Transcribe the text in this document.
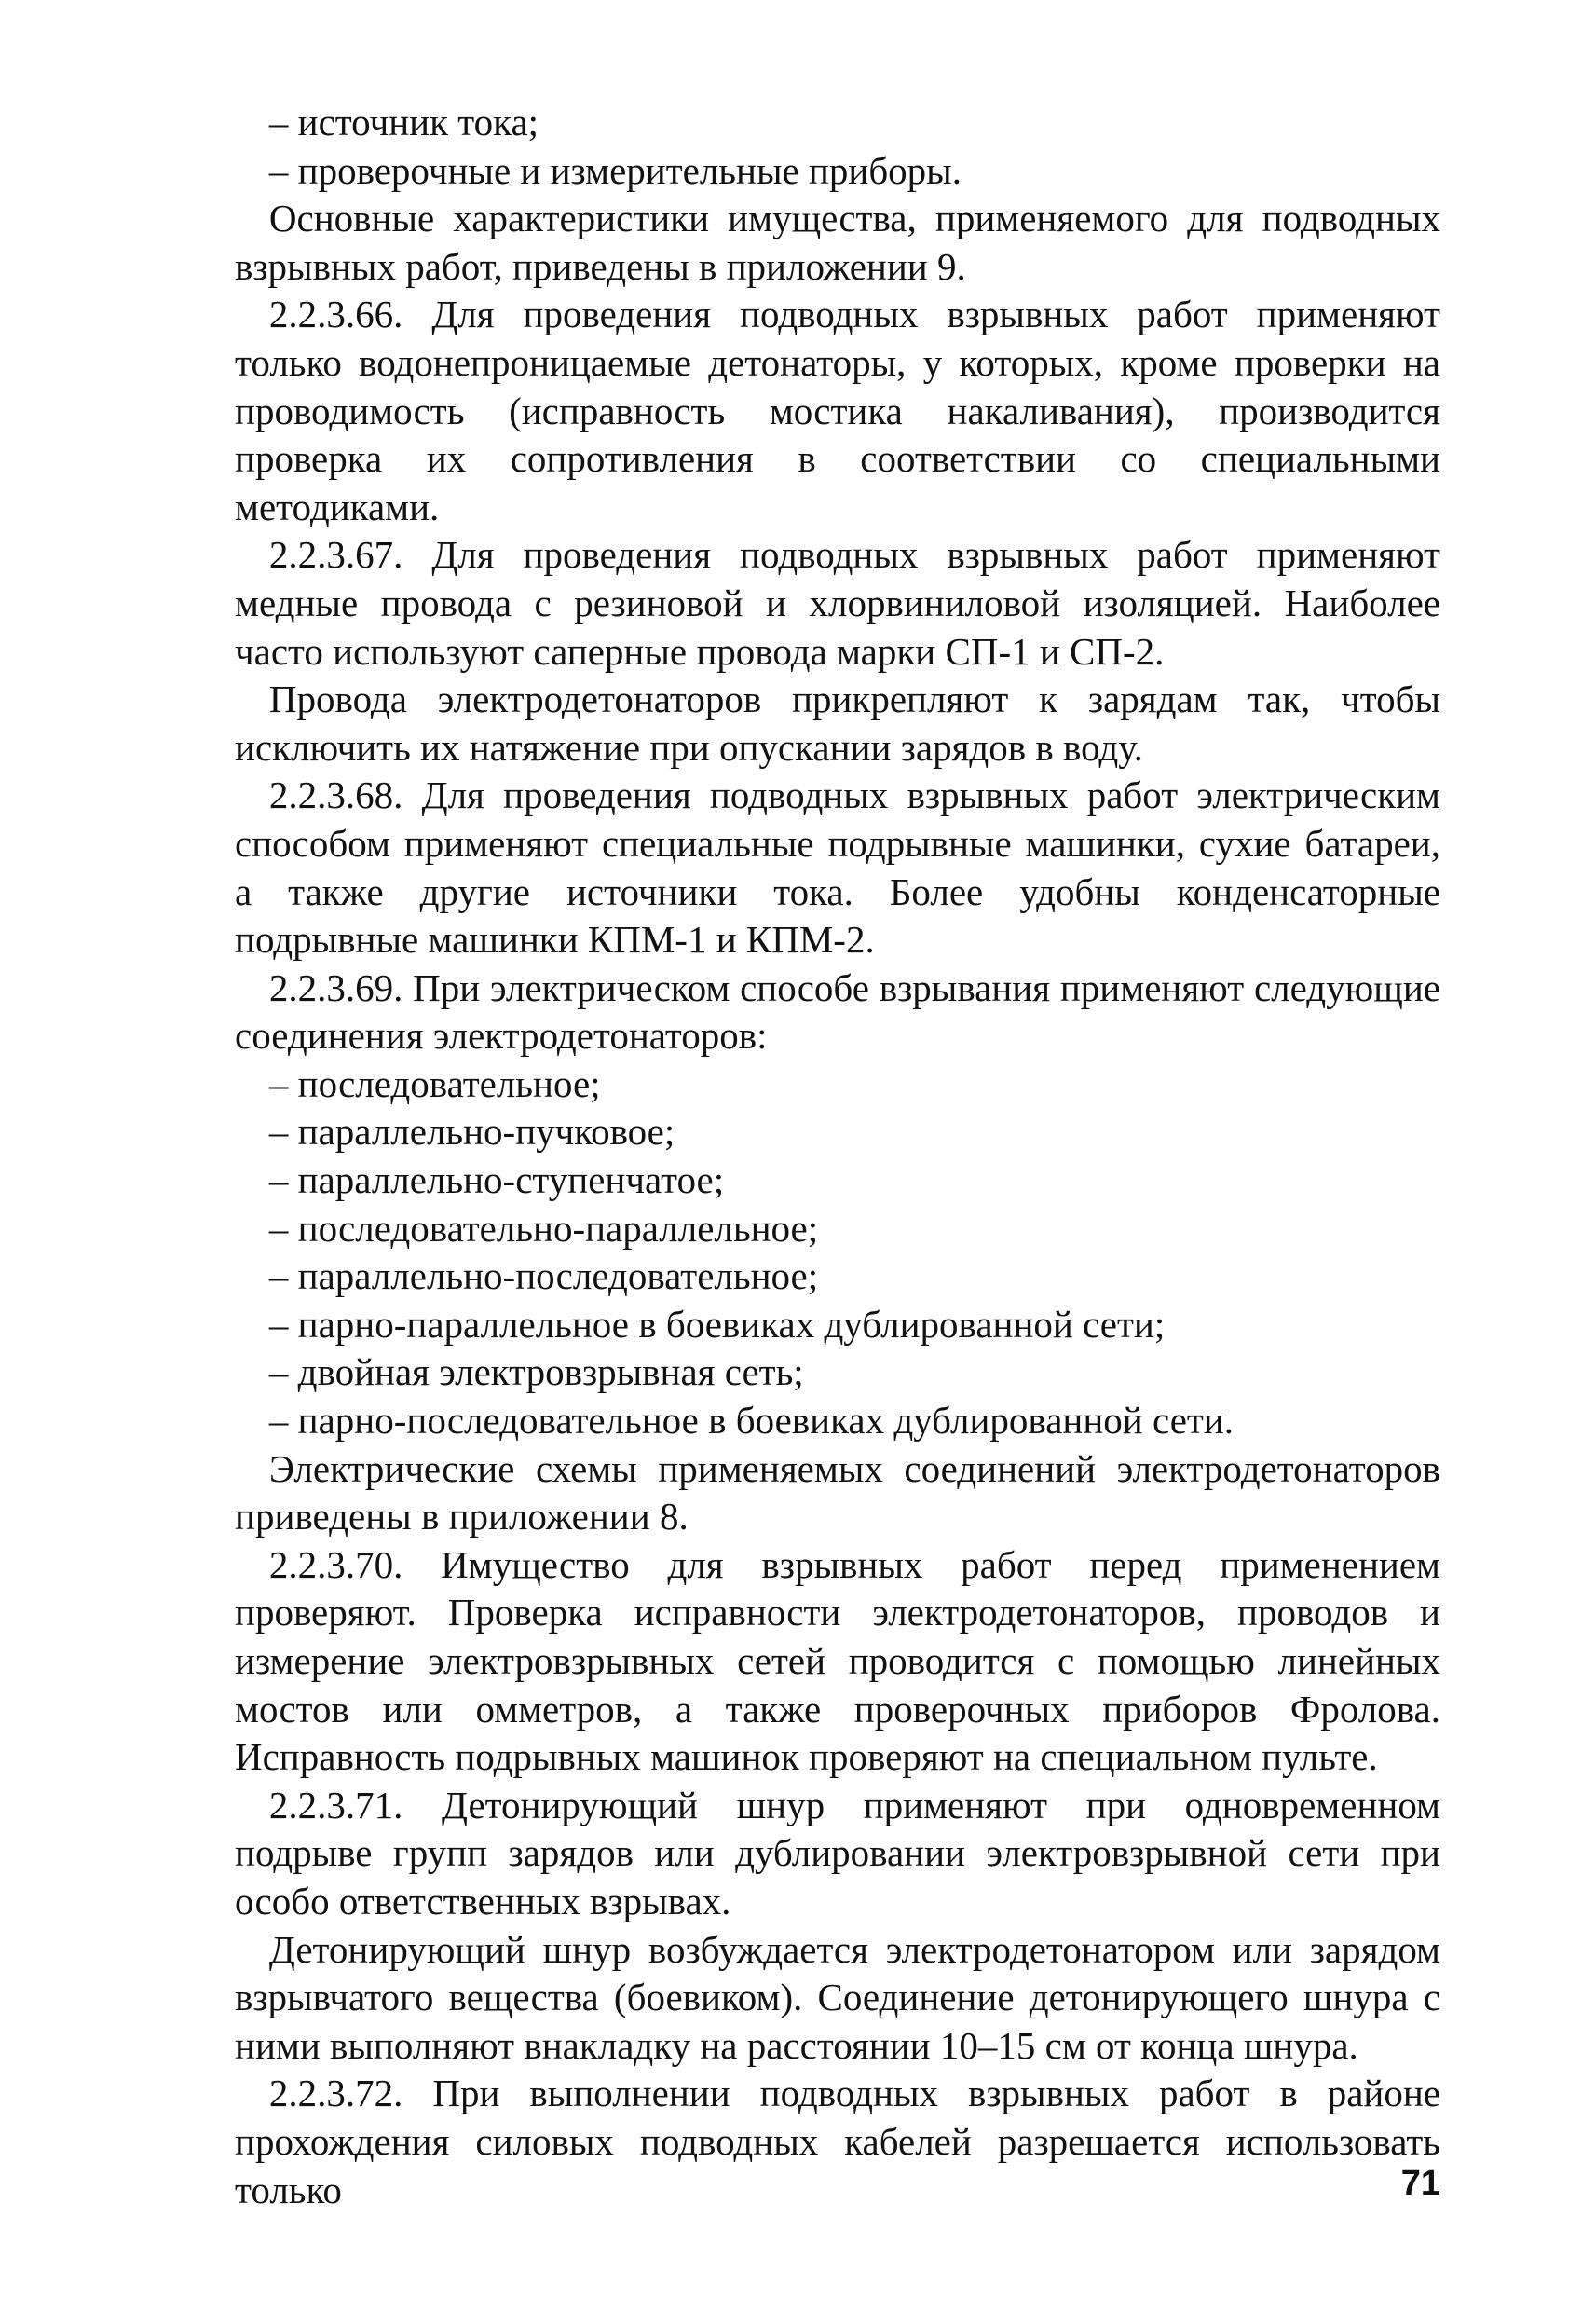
– источник тока;

– проверочные и измерительные приборы.

Основные характеристики имущества, применяемого для подводных взрывных работ, приведены в приложении 9.

2.2.3.66. Для проведения подводных взрывных работ применяют только водонепроницаемые детонаторы, у которых, кроме проверки на проводимость (исправность мостика накаливания), производится проверка их сопротивления в соответствии со специальными методиками.

2.2.3.67. Для проведения подводных взрывных работ применяют медные провода с резиновой и хлорвиниловой изоляцией. Наиболее часто используют саперные провода марки СП-1 и СП-2.

Провода электродетонаторов прикрепляют к зарядам так, чтобы исключить их натяжение при опускании зарядов в воду.

2.2.3.68. Для проведения подводных взрывных работ электрическим способом применяют специальные подрывные машинки, сухие батареи, а также другие источники тока. Более удобны конденсаторные подрывные машинки КПМ-1 и КПМ-2.

2.2.3.69. При электрическом способе взрывания применяют следующие соединения электродетонаторов:

– последовательное;

– параллельно-пучковое;

– параллельно-ступенчатое;

– последовательно-параллельное;

– параллельно-последовательное;

– парно-параллельное в боевиках дублированной сети;

– двойная электровзрывная сеть;

– парно-последовательное в боевиках дублированной сети.

Электрические схемы применяемых соединений электродетонаторов приведены в приложении 8.

2.2.3.70. Имущество для взрывных работ перед применением проверяют. Проверка исправности электродетонаторов, проводов и измерение электровзрывных сетей проводится с помощью линейных мостов или омметров, а также проверочных приборов Фролова. Исправность подрывных машинок проверяют на специальном пульте.

2.2.3.71. Детонирующий шнур применяют при одновременном подрыве групп зарядов или дублировании электровзрывной сети при особо ответственных взрывах.

Детонирующий шнур возбуждается электродетонатором или зарядом взрывчатого вещества (боевиком). Соединение детонирующего шнура с ними выполняют внакладку на расстоянии 10–15 см от конца шнура.

2.2.3.72. При выполнении подводных взрывных работ в районе прохождения силовых подводных кабелей разрешается использовать только	71
